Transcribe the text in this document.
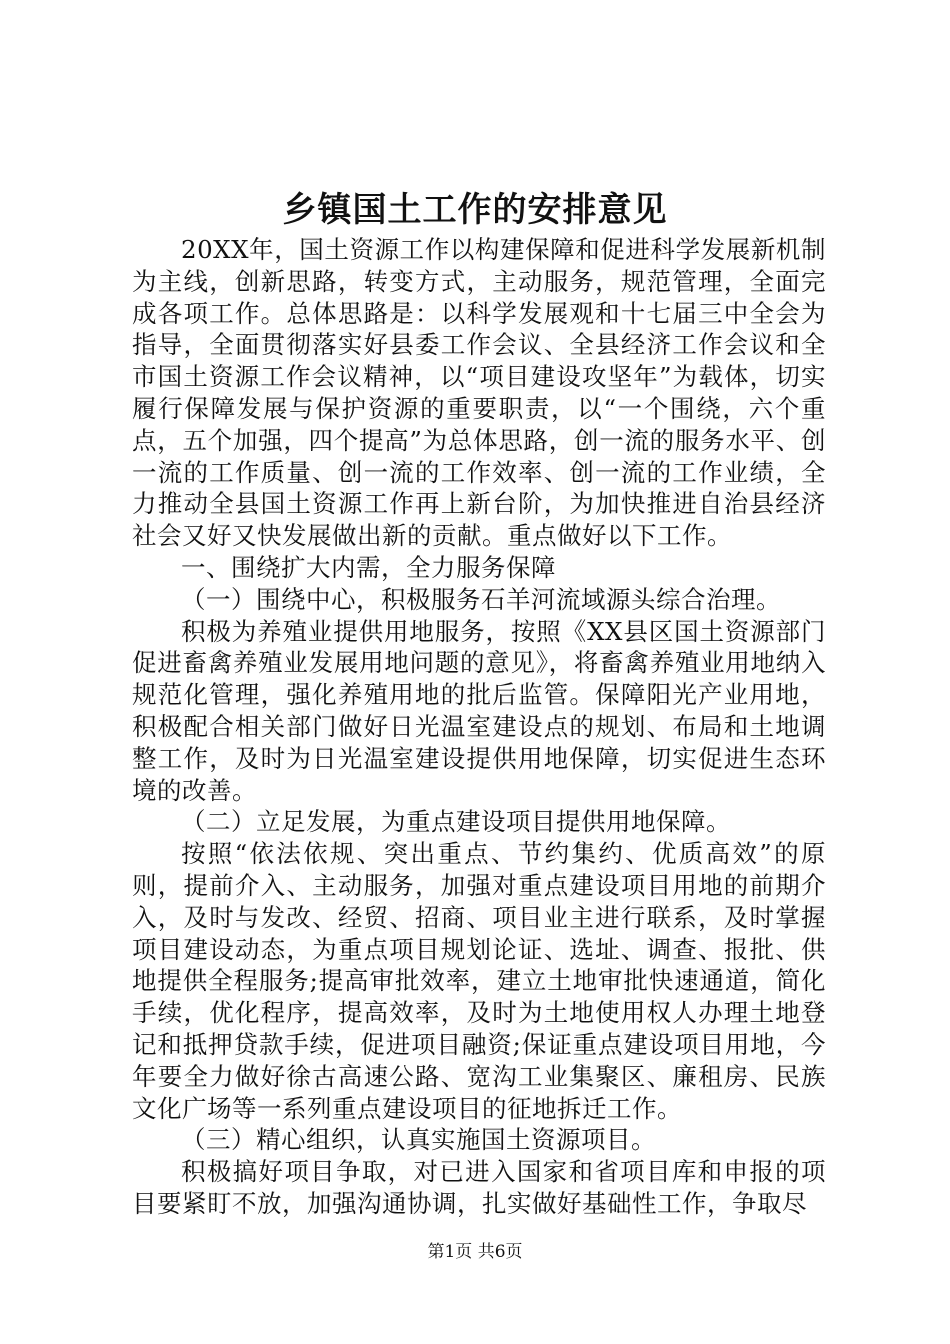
乡镇国土工作的安排意见

20XX年，国土资源工作以构建保障和促进科学发展新机制为主线，创新思路，转变方式，主动服务，规范管理，全面完成各项工作。总体思路是：以科学发展观和十七届三中全会为指导，全面贯彻落实好县委工作会议、全县经济工作会议和全市国土资源工作会议精神，以“项目建设攻坚年”为载体，切实履行保障发展与保护资源的重要职责，以“一个围绕，六个重点，五个加强，四个提高”为总体思路，创一流的服务水平、创一流的工作质量、创一流的工作效率、创一流的工作业绩，全力推动全县国土资源工作再上新台阶，为加快推进自治县经济社会又好又快发展做出新的贡献。重点做好以下工作。

一、围绕扩大内需，全力服务保障

（一）围绕中心，积极服务石羊河流域源头综合治理。

积极为养殖业提供用地服务，按照《XX县区国土资源部门促进畜禽养殖业发展用地问题的意见》，将畜禽养殖业用地纳入规范化管理，强化养殖用地的批后监管。保障阳光产业用地，积极配合相关部门做好日光温室建设点的规划、布局和土地调整工作，及时为日光温室建设提供用地保障，切实促进生态环境的改善。

（二）立足发展，为重点建设项目提供用地保障。

按照“依法依规、突出重点、节约集约、优质高效”的原则，提前介入、主动服务，加强对重点建设项目用地的前期介入，及时与发改、经贸、招商、项目业主进行联系，及时掌握项目建设动态，为重点项目规划论证、选址、调查、报批、供地提供全程服务;提高审批效率，建立土地审批快速通道，简化手续，优化程序，提高效率，及时为土地使用权人办理土地登记和抵押贷款手续，促进项目融资;保证重点建设项目用地，今年要全力做好徐古高速公路、宽沟工业集聚区、廉租房、民族文化广场等一系列重点建设项目的征地拆迁工作。

（三）精心组织，认真实施国土资源项目。

积极搞好项目争取，对已进入国家和省项目库和申报的项目要紧盯不放，加强沟通协调，扎实做好基础性工作，争取尽

第1页 共6页
